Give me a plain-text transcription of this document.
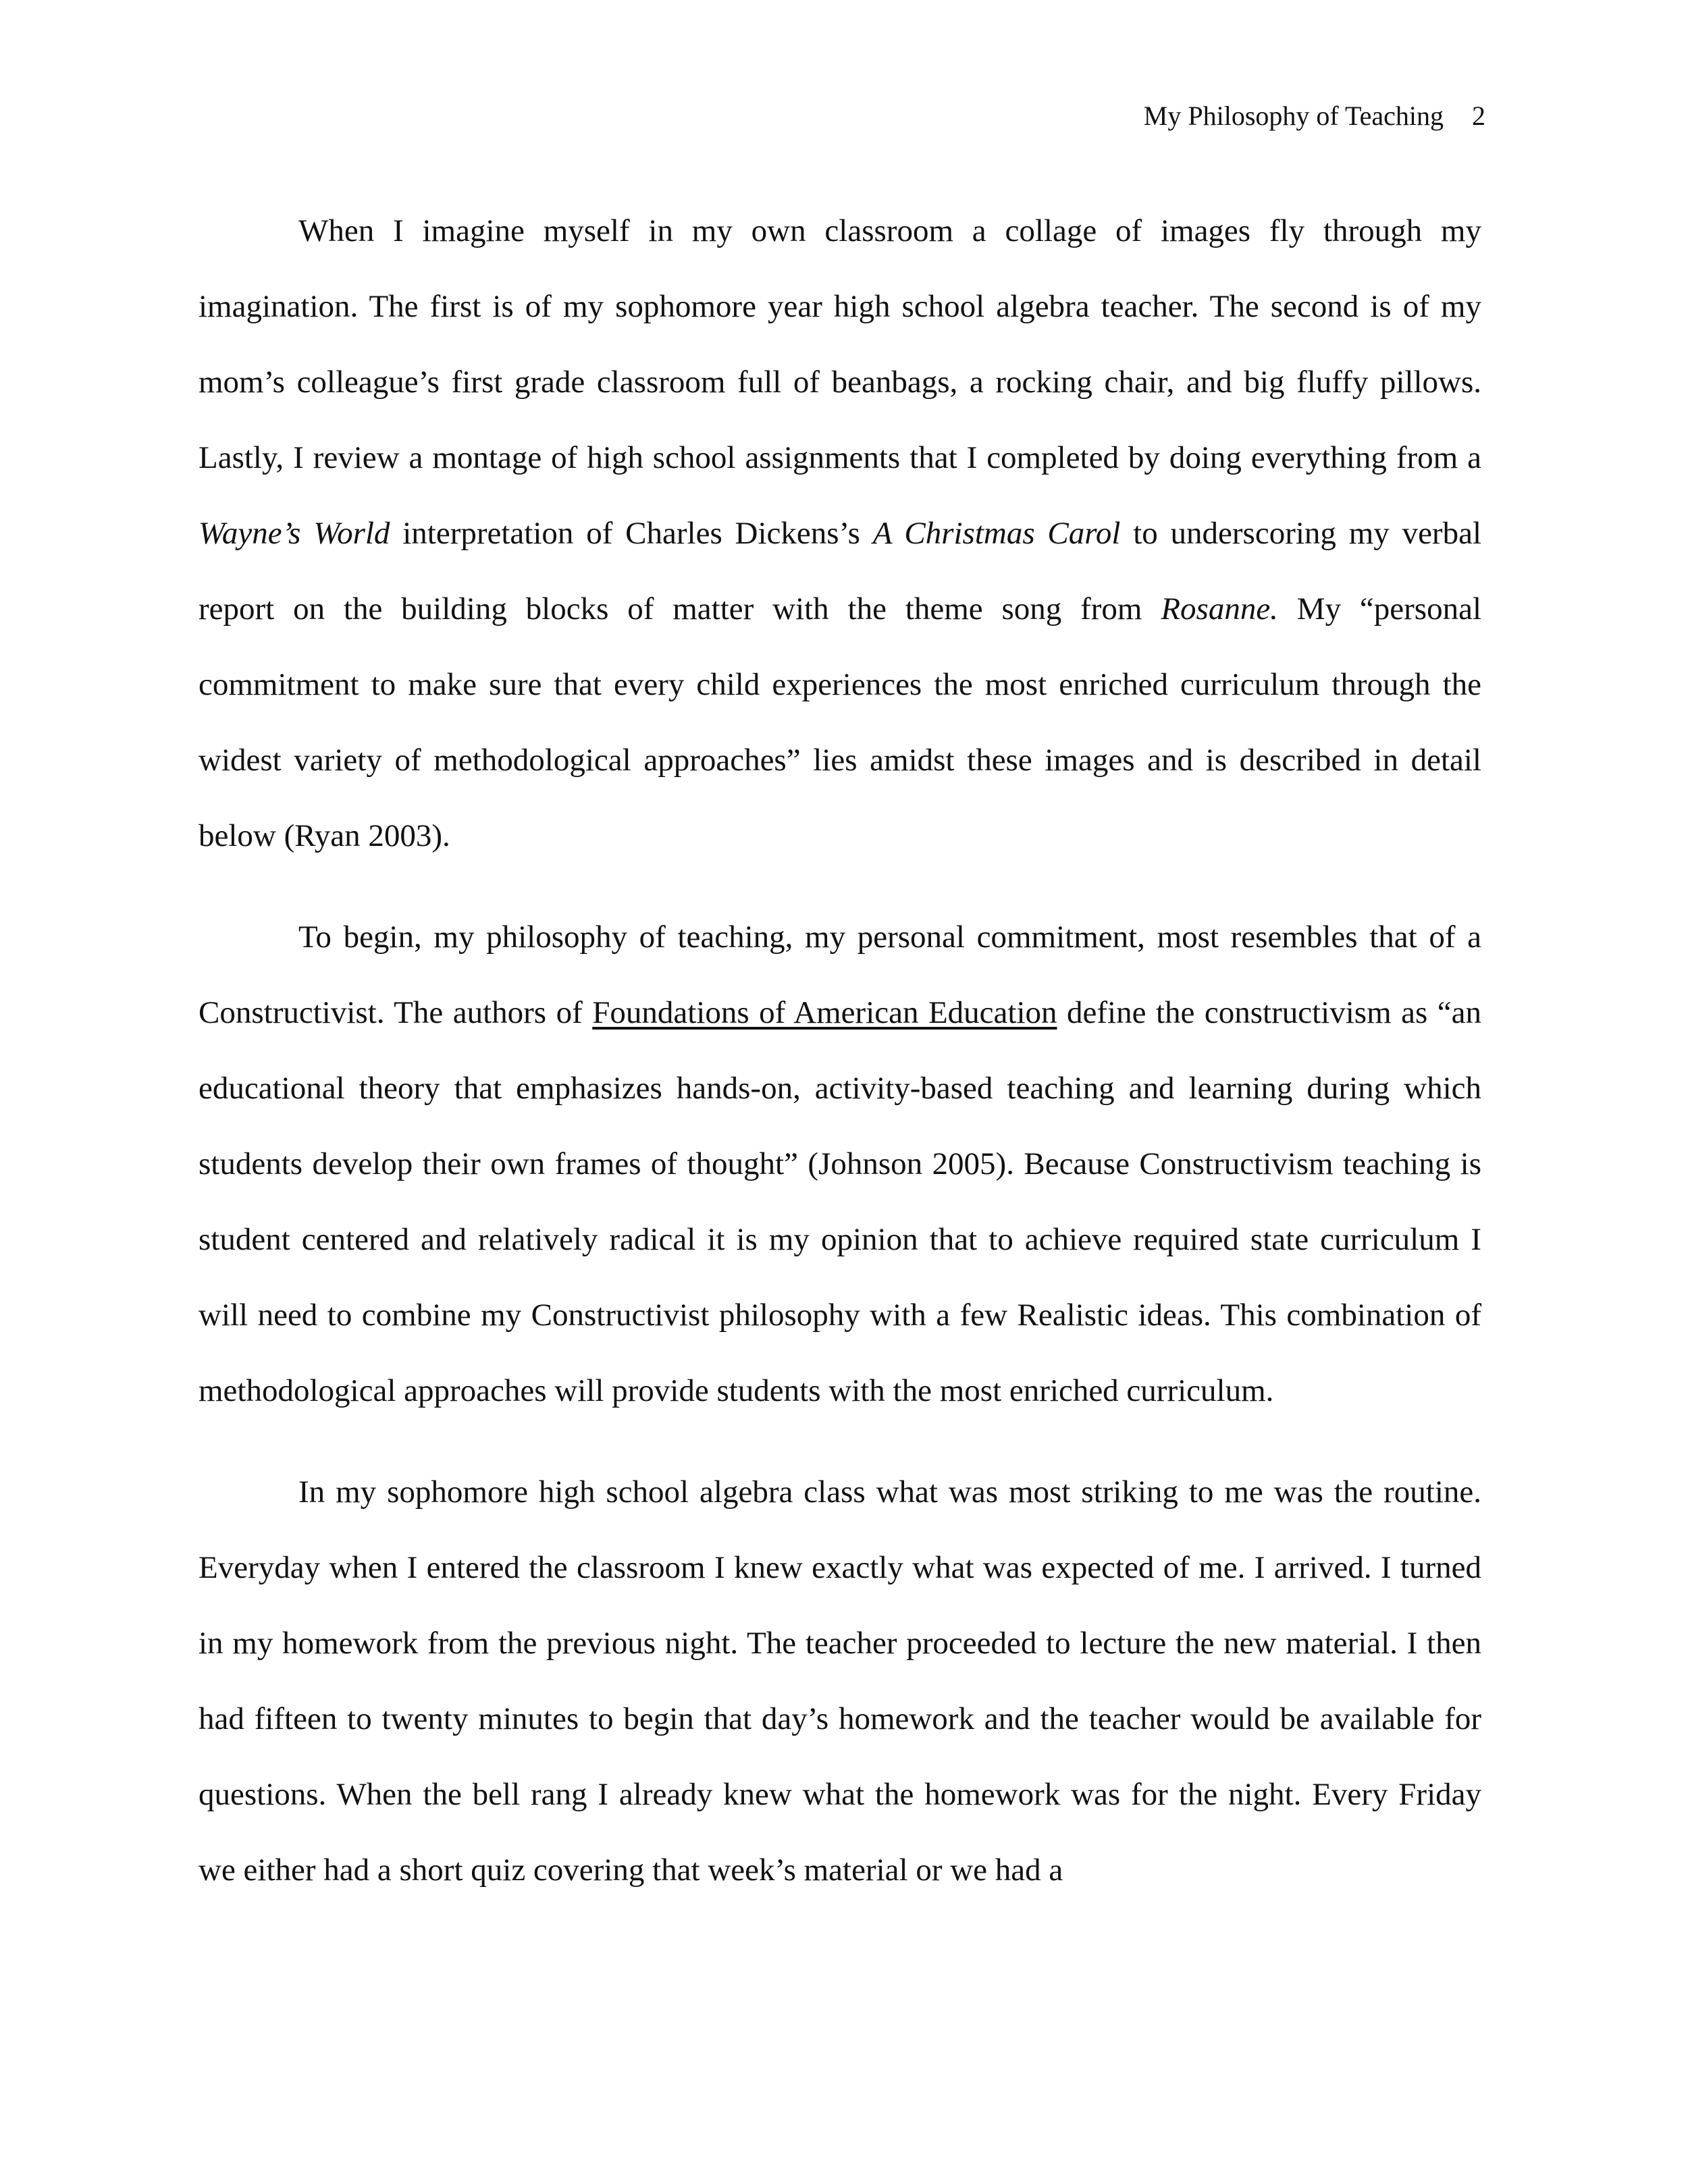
My Philosophy of Teaching 2

When I imagine myself in my own classroom a collage of images fly through my imagination. The first is of my sophomore year high school algebra teacher. The second is of my mom’s colleague’s first grade classroom full of beanbags, a rocking chair, and big fluffy pillows. Lastly, I review a montage of high school assignments that I completed by doing everything from a Wayne’s World interpretation of Charles Dickens’s A Christmas Carol to underscoring my verbal report on the building blocks of matter with the theme song from Rosanne. My “personal commitment to make sure that every child experiences the most enriched curriculum through the widest variety of methodological approaches” lies amidst these images and is described in detail below (Ryan 2003).

To begin, my philosophy of teaching, my personal commitment, most resembles that of a Constructivist. The authors of Foundations of American Education define the constructivism as “an educational theory that emphasizes hands-on, activity-based teaching and learning during which students develop their own frames of thought” (Johnson 2005). Because Constructivism teaching is student centered and relatively radical it is my opinion that to achieve required state curriculum I will need to combine my Constructivist philosophy with a few Realistic ideas. This combination of methodological approaches will provide students with the most enriched curriculum.

In my sophomore high school algebra class what was most striking to me was the routine. Everyday when I entered the classroom I knew exactly what was expected of me. I arrived. I turned in my homework from the previous night. The teacher proceeded to lecture the new material. I then had fifteen to twenty minutes to begin that day’s homework and the teacher would be available for questions. When the bell rang I already knew what the homework was for the night. Every Friday we either had a short quiz covering that week’s material or we had a
